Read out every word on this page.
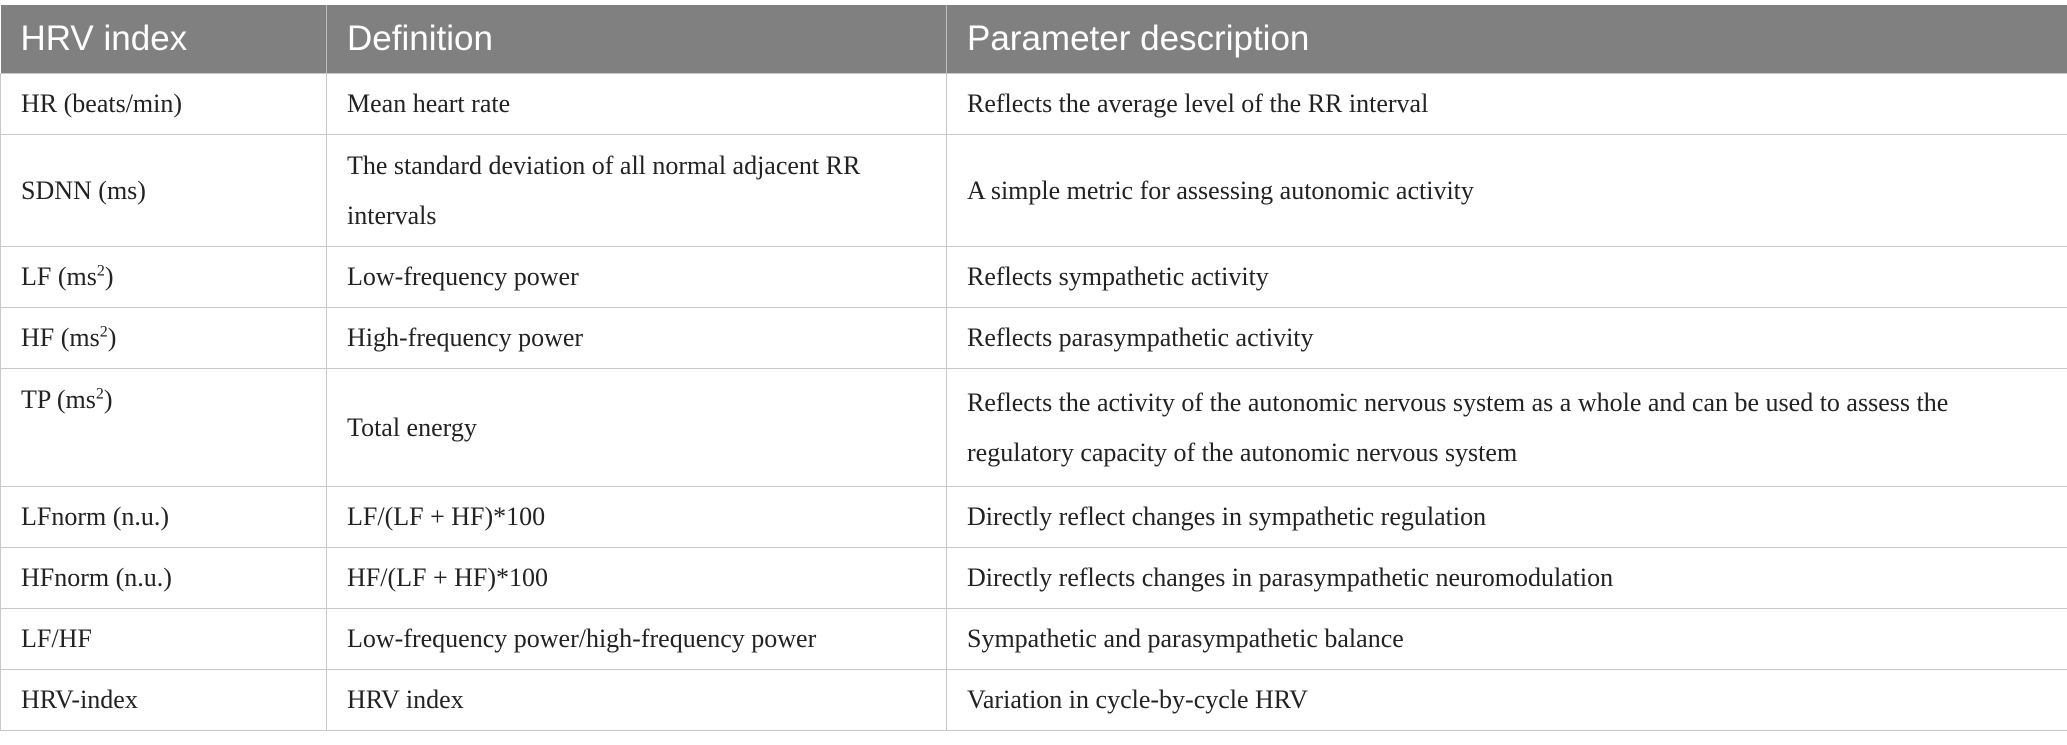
HRV index	Definition	Parameter description
HR (beats/min)	Mean heart rate	Reflects the average level of the RR interval
SDNN (ms)	The standard deviation of all normal adjacent RR intervals	A simple metric for assessing autonomic activity
LF $(ms^2)$	Low-frequency power	Reflects sympathetic activity
HF $(ms^2)$	High-frequency power	Reflects parasympathetic activity
TP $(ms^2)$	Total energy	Reflects the activity of the autonomic nervous system as a whole and can be used to assess the regulatory capacity of the autonomic nervous system
LFnorm (n.u.)	LF/(LF + HF)*100	Directly reflect changes in sympathetic regulation
HFnorm (n.u.)	HF/(LF + HF)*100	Directly reflects changes in parasympathetic neuromodulation
LF/HF	Low-frequency power/high-frequency power	Sympathetic and parasympathetic balance
HRV-index	HRV index	Variation in cycle-by-cycle HRV
